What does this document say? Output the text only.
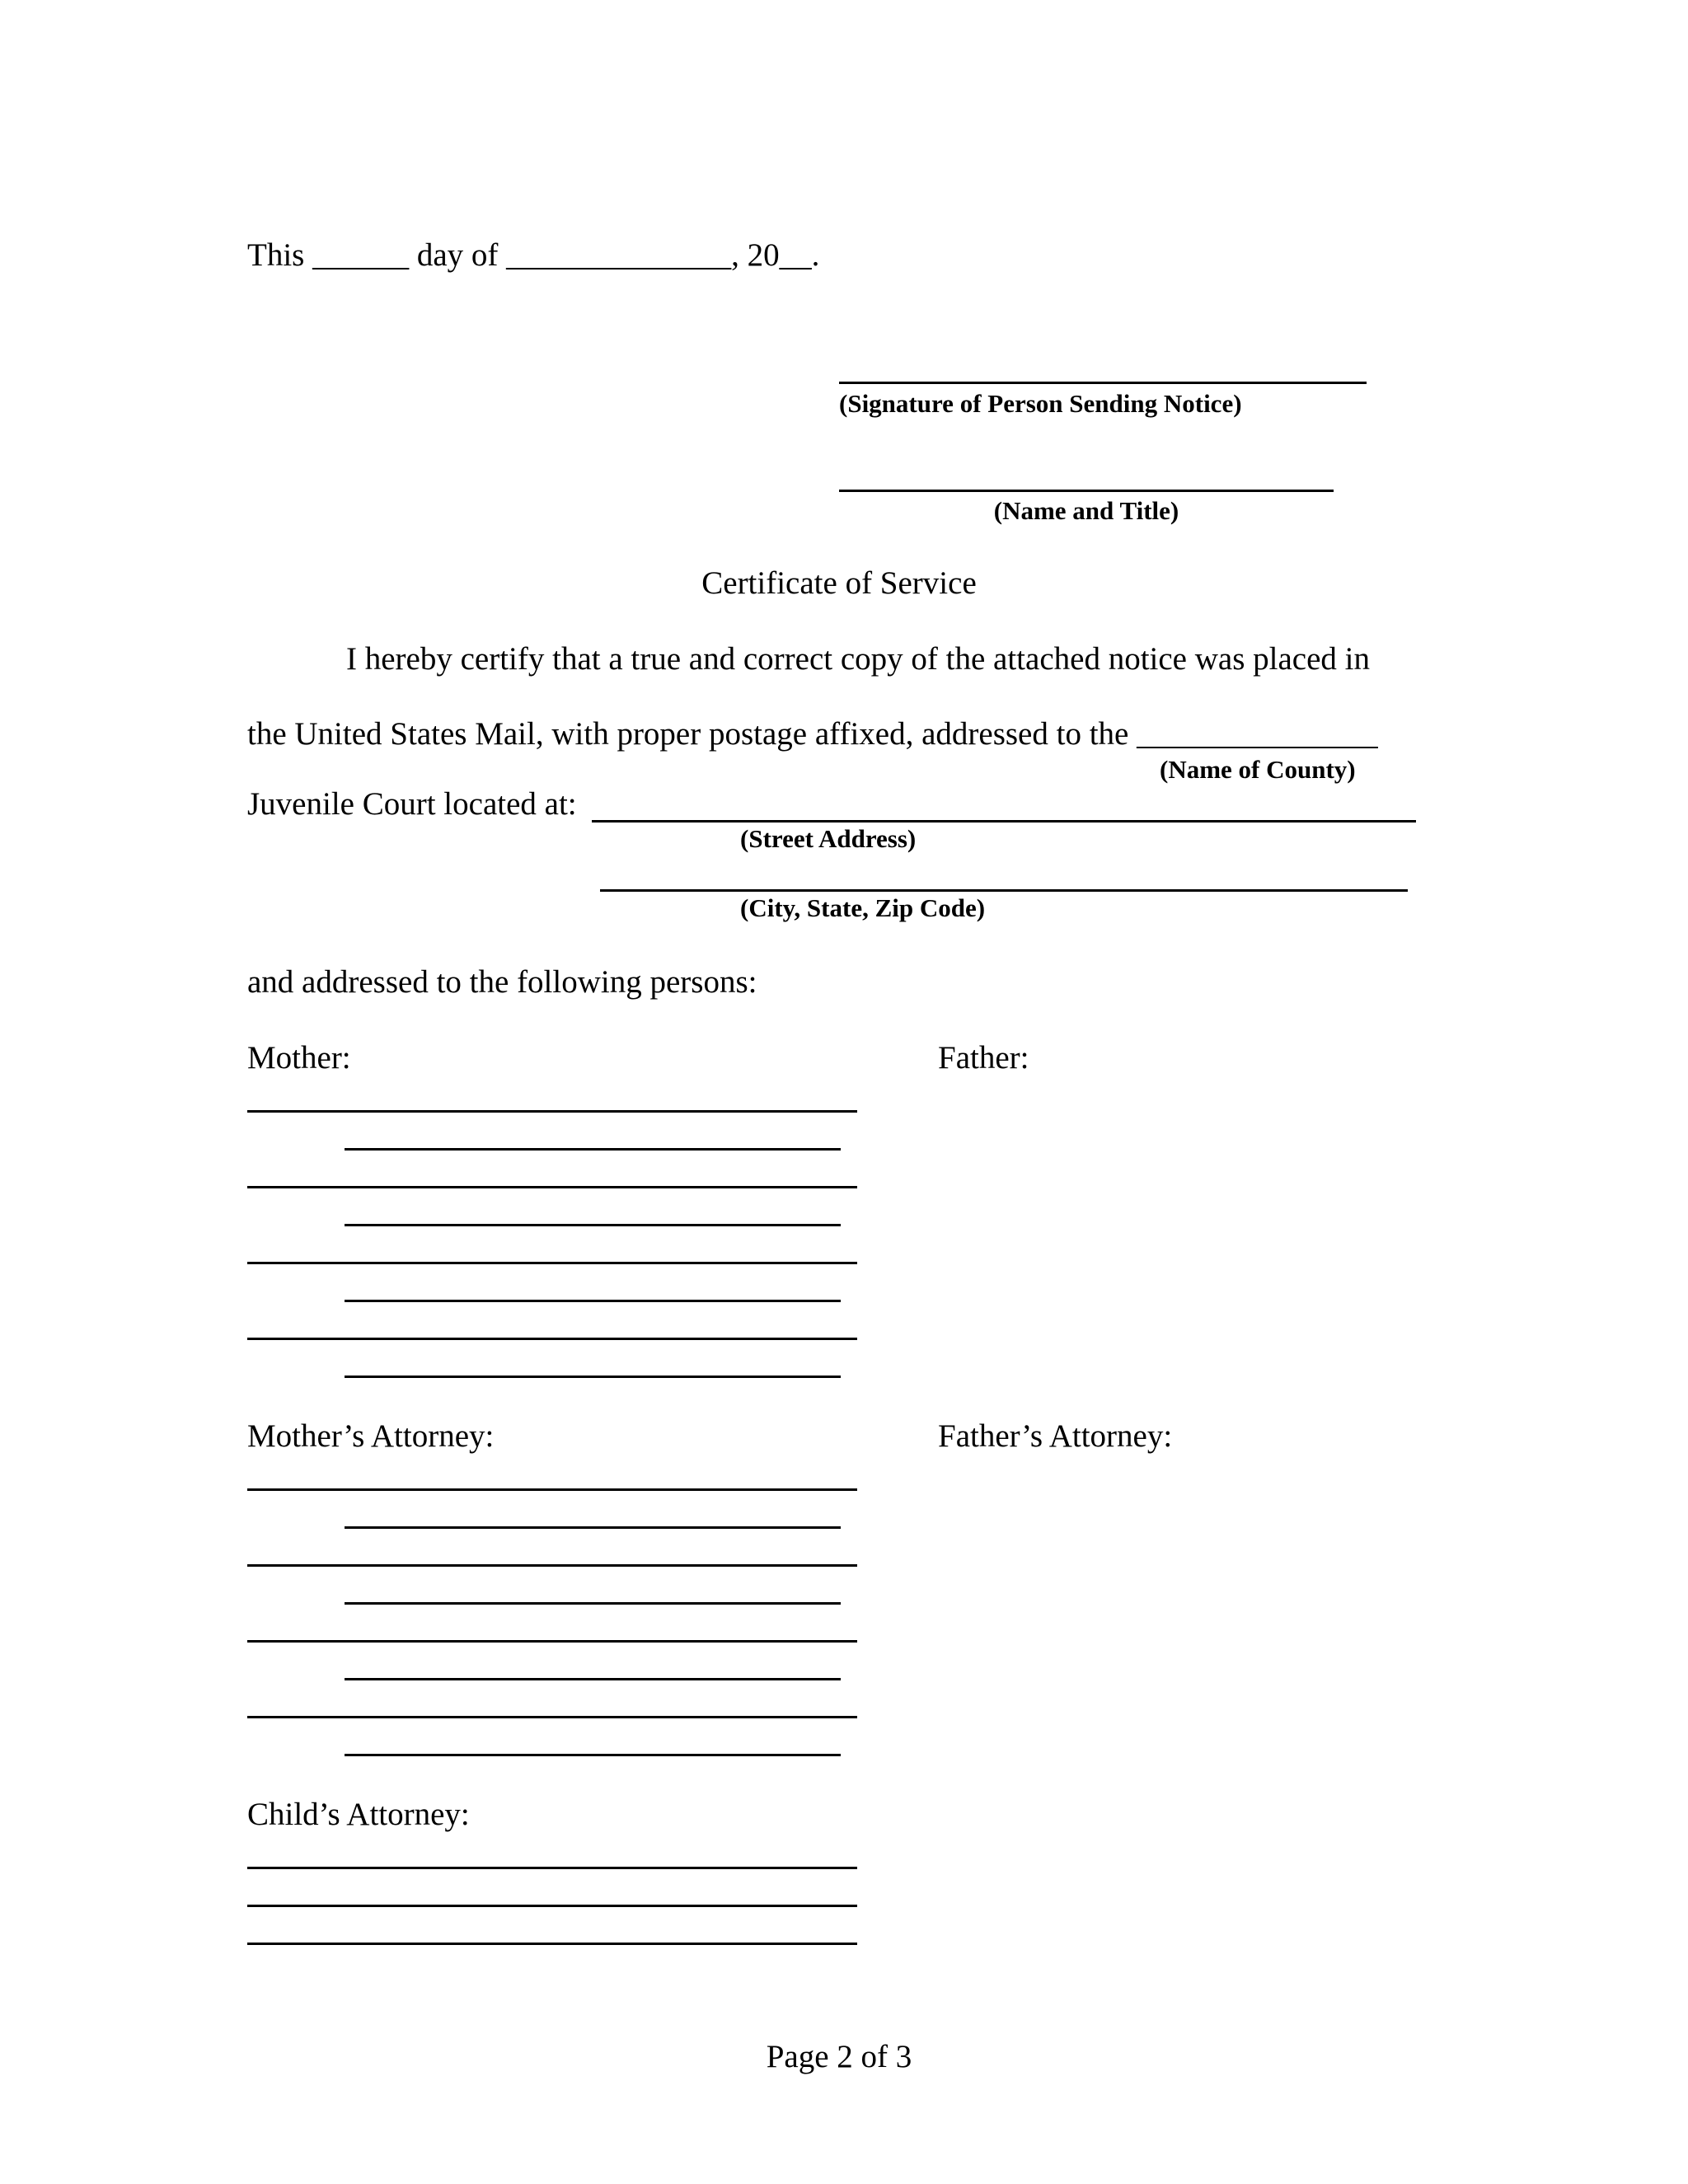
This ______ day of ______________, 20__.
(Signature of Person Sending Notice)
(Name and Title)
Certificate of Service
I hereby certify that a true and correct copy of the attached notice was placed in
the United States Mail, with proper postage affixed, addressed to the _______________
(Name of County)
Juvenile Court located at:
(Street Address)
(City, State, Zip Code)
and addressed to the following persons:
Mother:	Father:
Mother’s Attorney:	Father’s Attorney:
Child’s Attorney:
Page 2 of 3
